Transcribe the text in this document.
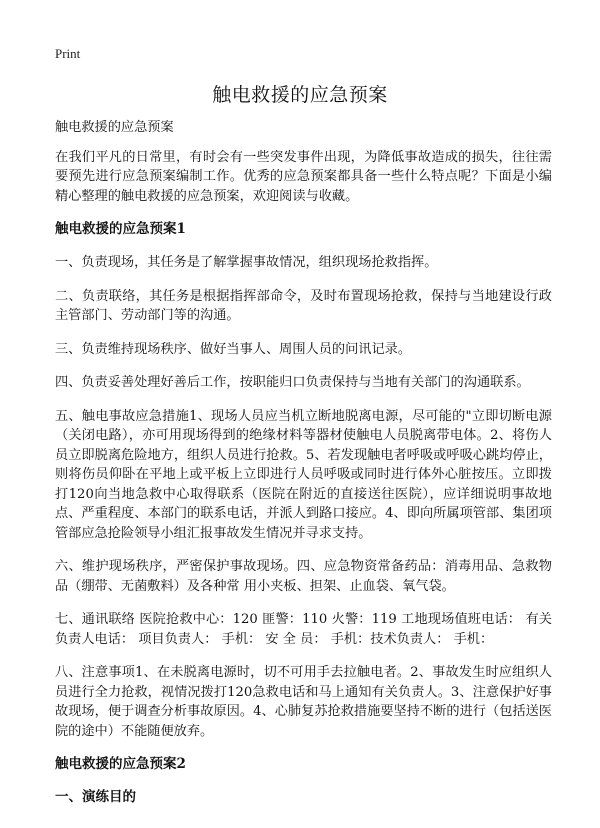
Print
触电救援的应急预案

触电救援的应急预案

在我们平凡的日常里，有时会有一些突发事件出现，为降低事故造成的损失，往往需要预先进行应急预案编制工作。优秀的应急预案都具备一些什么特点呢？下面是小编精心整理的触电救援的应急预案，欢迎阅读与收藏。

触电救援的应急预案1

一、负责现场，其任务是了解掌握事故情况，组织现场抢救指挥。

二、负责联络，其任务是根据指挥部命令，及时布置现场抢救，保持与当地建设行政主管部门、劳动部门等的沟通。

三、负责维持现场秩序、做好当事人、周围人员的问讯记录。

四、负责妥善处理好善后工作，按职能归口负责保持与当地有关部门的沟通联系。

五、触电事故应急措施1、现场人员应当机立断地脱离电源，尽可能的"立即切断电源（关闭电路），亦可用现场得到的绝缘材料等器材使触电人员脱离带电体。2、将伤人员立即脱离危险地方，组织人员进行抢救。5、若发现触电者呼吸或呼吸心跳均停止，则将伤员仰卧在平地上或平板上立即进行人员呼吸或同时进行体外心脏按压。立即拨打120向当地急救中心取得联系（医院在附近的直接送往医院），应详细说明事故地点、严重程度、本部门的联系电话，并派人到路口接应。4、即向所属项管部、集团项管部应急抢险领导小组汇报事故发生情况并寻求支持。

六、维护现场秩序，严密保护事故现场。四、应急物资常备药品：消毒用品、急救物品（绷带、无菌敷料）及各种常 用小夹板、担架、止血袋、氧气袋。

七、通讯联络 医院抢救中心：120 匪警：110 火警：119 工地现场值班电话： 有关负责人电话： 项目负责人： 手机： 安 全 员： 手机：技术负责人： 手机：

八、注意事项1、在未脱离电源时，切不可用手去拉触电者。2、事故发生时应组织人员进行全力抢救，视情况拨打120急救电话和马上通知有关负责人。3、注意保护好事故现场，便于调查分析事故原因。4、心肺复苏抢救措施要坚持不断的进行（包括送医院的途中）不能随便放弃。

触电救援的应急预案2
一、演练目的
